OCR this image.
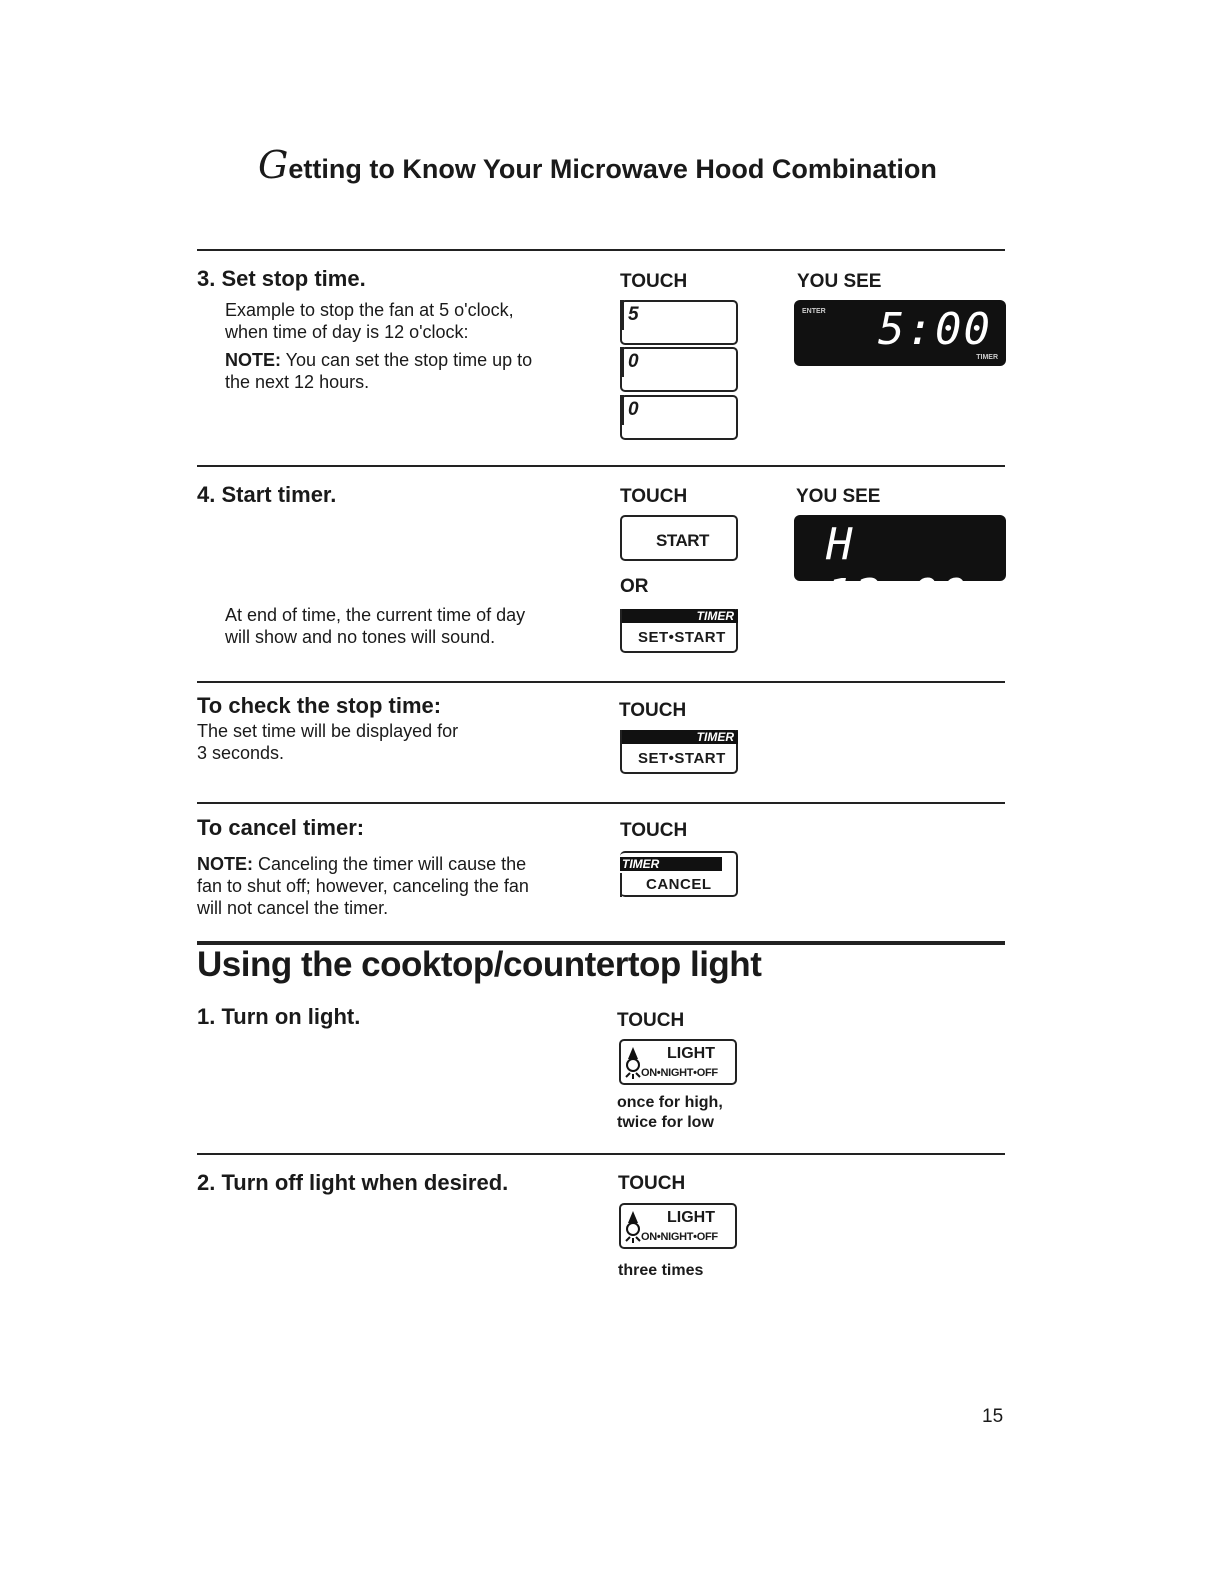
Getting to Know Your Microwave Hood Combination
3. Set stop time.
Example to stop the fan at 5 o'clock,
when time of day is 12 o'clock:
NOTE: You can set the stop time up to
the next 12 hours.
TOUCH	YOU SEE
5
0
0
ENTER 5:00
TIMER
4. Start timer.
At end of time, the current time of day
will show and no tones will sound.
TOUCH	YOU SEE
START
OR
TIMER
SET•START
H 12:00
To check the stop time:
The set time will be displayed for
3 seconds.
TOUCH
TIMER
SET•START
To cancel timer:
NOTE: Canceling the timer will cause the
fan to shut off; however, canceling the fan
will not cancel the timer.
TOUCH
TIMER
CANCEL
Using the cooktop/countertop light
1. Turn on light.	TOUCH
LIGHT
ON•NIGHT•OFF
once for high,
twice for low
2. Turn off light when desired.	TOUCH
LIGHT
ON•NIGHT•OFF
three times
15
